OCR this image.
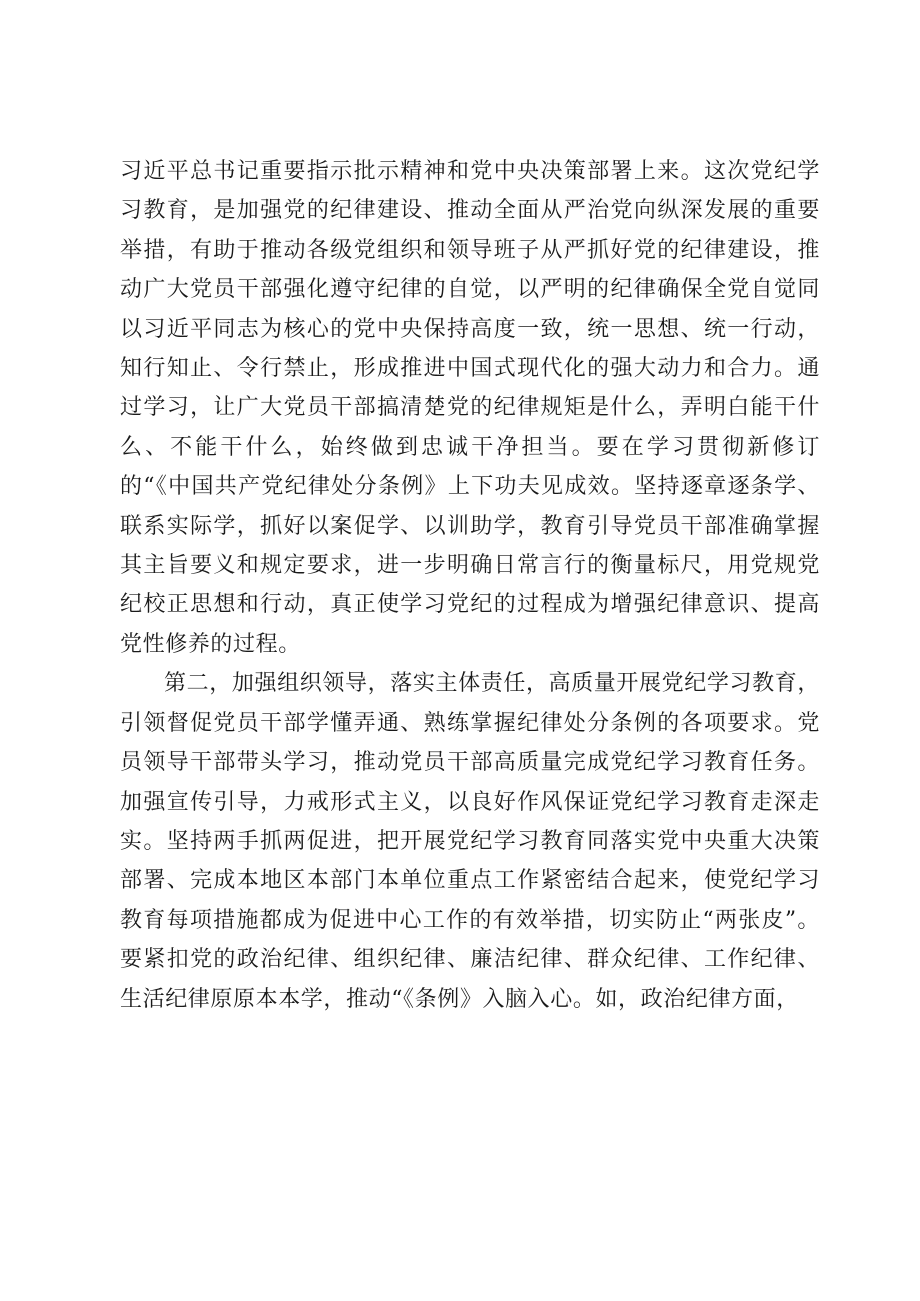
习近平总书记重要指示批示精神和党中央决策部署上来。这次党纪学习教育，是加强党的纪律建设、推动全面从严治党向纵深发展的重要举措，有助于推动各级党组织和领导班子从严抓好党的纪律建设，推动广大党员干部强化遵守纪律的自觉，以严明的纪律确保全党自觉同以习近平同志为核心的党中央保持高度一致，统一思想、统一行动，知行知止、令行禁止，形成推进中国式现代化的强大动力和合力。通过学习，让广大党员干部搞清楚党的纪律规矩是什么，弄明白能干什么、不能干什么，始终做到忠诚干净担当。要在学习贯彻新修订的“《中国共产党纪律处分条例》上下功夫见成效。坚持逐章逐条学、联系实际学，抓好以案促学、以训助学，教育引导党员干部准确掌握其主旨要义和规定要求，进一步明确日常言行的衡量标尺，用党规党纪校正思想和行动，真正使学习党纪的过程成为增强纪律意识、提高党性修养的过程。

第二，加强组织领导，落实主体责任，高质量开展党纪学习教育，引领督促党员干部学懂弄通、熟练掌握纪律处分条例的各项要求。党员领导干部带头学习，推动党员干部高质量完成党纪学习教育任务。加强宣传引导，力戒形式主义，以良好作风保证党纪学习教育走深走实。坚持两手抓两促进，把开展党纪学习教育同落实党中央重大决策部署、完成本地区本部门本单位重点工作紧密结合起来，使党纪学习教育每项措施都成为促进中心工作的有效举措，切实防止“两张皮”。要紧扣党的政治纪律、组织纪律、廉洁纪律、群众纪律、工作纪律、生活纪律原原本本学，推动“《条例》入脑入心。如，政治纪律方面，
